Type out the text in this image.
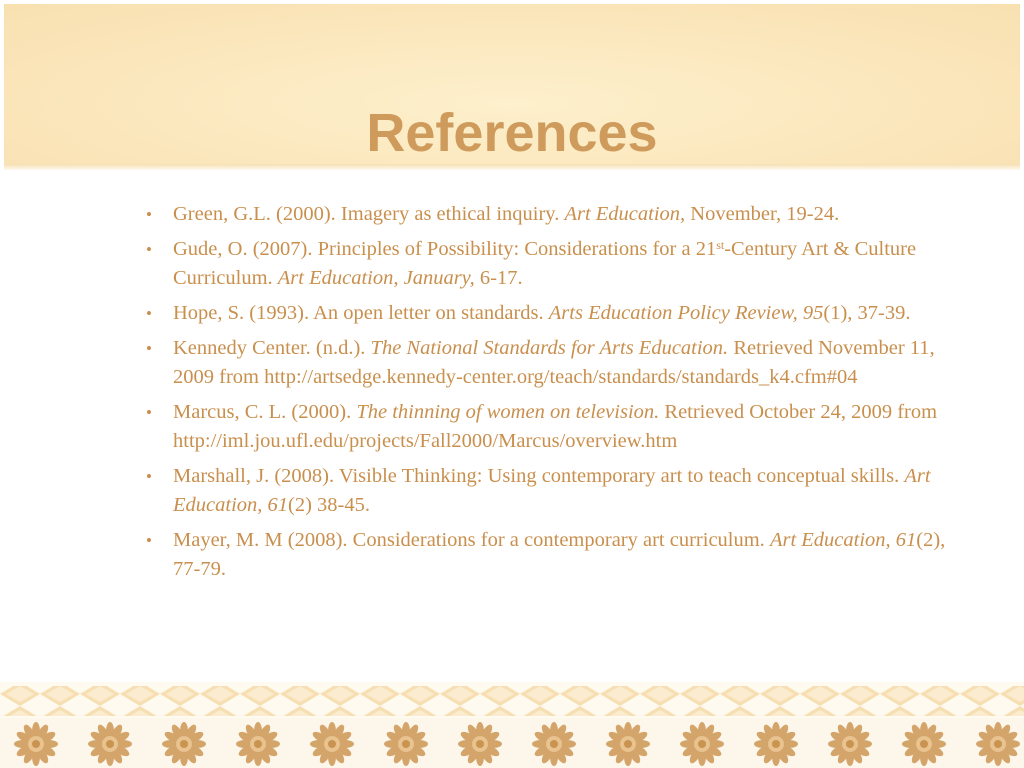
References
• Green, G.L. (2000). Imagery as ethical inquiry. Art Education, November, 19-24.
• Gude, O. (2007). Principles of Possibility: Considerations for a 21st-Century Art & Culture Curriculum. Art Education, January, 6-17.
• Hope, S. (1993). An open letter on standards. Arts Education Policy Review, 95(1), 37-39.
• Kennedy Center. (n.d.). The National Standards for Arts Education. Retrieved November 11, 2009 from http://artsedge.kennedy-center.org/teach/standards/standards_k4.cfm#04
• Marcus, C. L. (2000). The thinning of women on television. Retrieved October 24, 2009 from http://iml.jou.ufl.edu/projects/Fall2000/Marcus/overview.htm
• Marshall, J. (2008). Visible Thinking: Using contemporary art to teach conceptual skills. Art Education, 61(2) 38-45.
• Mayer, M. M (2008). Considerations for a contemporary art curriculum. Art Education, 61(2), 77-79.
